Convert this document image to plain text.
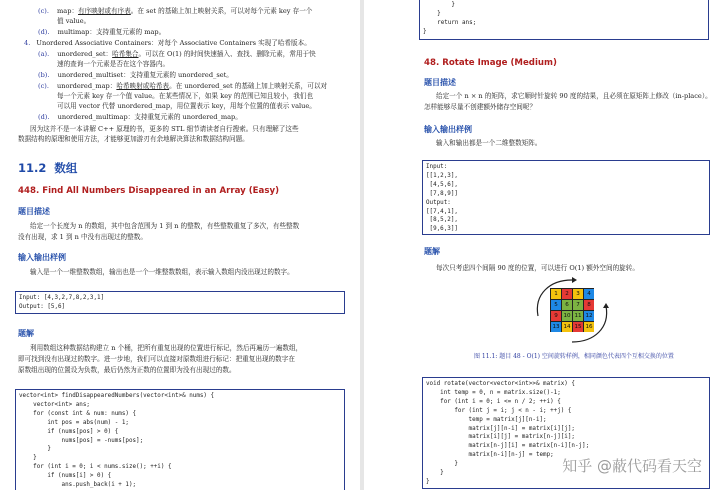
(c). map：有序映射或有序表。在 set 的基础上加上映射关系，可以对每个元素 key 存一个
值 value。
(d). multimap：支持重复元素的 map。
4. Unordered Associative Containers：对每个 Associative Containers 实现了哈希版本。
(a). unordered_set：哈希集合。可以在 O(1) 的时间快速插入、查找、删除元素，常用于快
速的查询一个元素是否在这个容器内。
(b). unordered_multiset：支持重复元素的 unordered_set。
(c). unordered_map：哈希映射或哈希表。在 unordered_set 的基础上加上映射关系，可以对
每一个元素 key 存一个值 value。在某些情况下，如果 key 的范围已知且较小，我们也
可以用 vector 代替 unordered_map，用位置表示 key，用每个位置的值表示 value。
(d). unordered_multimap：支持重复元素的 unordered_map。
因为这并不是一本讲解 C++ 原理的书，更多的 STL 细节请读者自行搜索。只有理解了这些
数据结构的原理和使用方法，才能够更加游刃有余地解决算法和数据结构问题。
11.2 数组
448. Find All Numbers Disappeared in an Array (Easy)
题目描述
给定一个长度为 n 的数组，其中包含范围为 1 到 n 的整数，有些整数重复了多次，有些整数
没有出现，求 1 到 n 中没有出现过的整数。
输入输出样例
输入是一个一维整数数组，输出也是一个一维整数数组，表示输入数组内没出现过的数字。
Input: [4,3,2,7,8,2,3,1]
Output: [5,6]
题解
利用数组这种数据结构建立 n 个桶，把所有重复出现的位置进行标记，然后再遍历一遍数组，
即可找到没有出现过的数字。进一步地，我们可以直接对原数组进行标记：把重复出现的数字在
原数组出现的位置设为负数，最后仍然为正数的位置即为没有出现过的数。
vector<int> findDisappearedNumbers(vector<int>& nums) {
vector<int> ans;
for (const int & num: nums) {
int pos = abs(num) - 1;
if (nums[pos] > 0) {
nums[pos] = -nums[pos];
}
}
for (int i = 0; i < nums.size(); ++i) {
if (nums[i] > 0) {
ans.push_back(i + 1);
}
}
return ans;
}
48. Rotate Image (Medium)
题目描述
给定一个 n × n 的矩阵，求它顺时针旋转 90 度的结果，且必须在原矩阵上修改（in-place）。
怎样能够尽量不创建额外储存空间呢？
输入输出样例
输入和输出都是一个二维整数矩阵。
Input:
[[1,2,3],
[4,5,6],
[7,8,9]]
Output:
[[7,4,1],
[8,5,2],
[9,6,3]]
题解
每次只考虑四个间隔 90 度的位置，可以进行 O(1) 额外空间的旋转。
1	2	3	4
5	6	7	8
9	10 11 12
13 14 15 16
图 11.1: 题目 48 - O(1) 空间旋转样例，相同颜色代表四个互相交换的位置
void rotate(vector<vector<int>>& matrix) {
int temp = 0, n = matrix.size()-1;
for (int i = 0; i <= n / 2; ++i) {
for (int j = i; j < n - i; ++j) {
temp = matrix[j][n-i];
matrix[j][n-i] = matrix[i][j];
matrix[i][j] = matrix[n-j][i];
matrix[n-j][i] = matrix[n-i][n-j];
matrix[n-i][n-j] = temp;
}
}
}
知乎 @蔽代码看天空
